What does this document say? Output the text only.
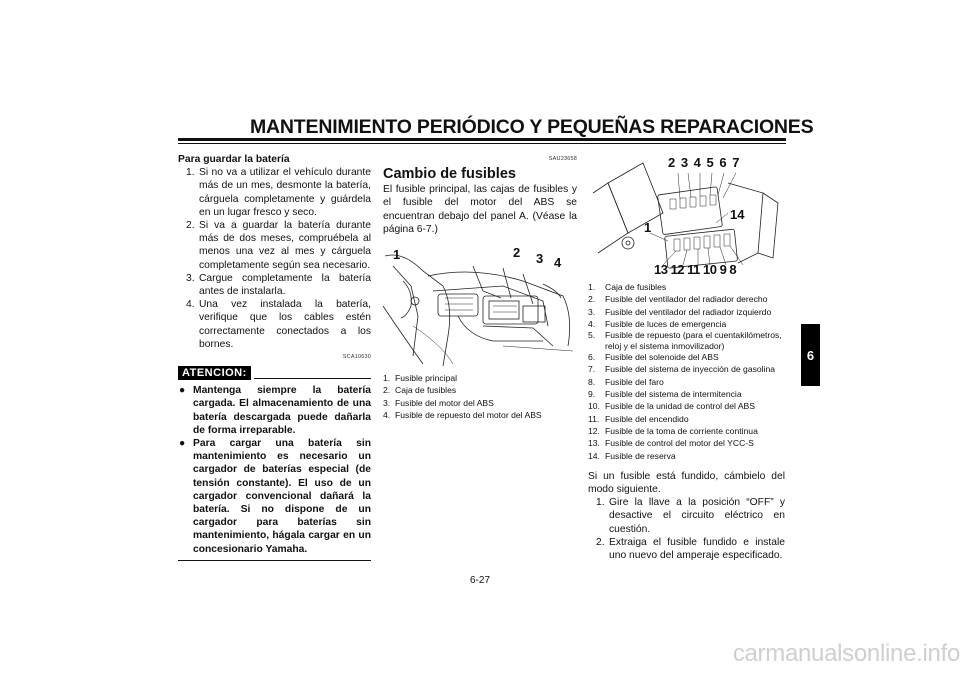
MANTENIMIENTO PERIÓDICO Y PEQUEÑAS REPARACIONES
Para guardar la batería
1. Si no va a utilizar el vehículo durante más de un mes, desmonte la batería, cárguela completamente y guárdela en un lugar fresco y seco.
2. Si va a guardar la batería durante más de dos meses, compruébela al menos una vez al mes y cárguela completamente según sea necesario.
3. Cargue completamente la batería antes de instalarla.
4. Una vez instalada la batería, verifique que los cables estén correctamente conectados a los bornes.
SCA10630
ATENCION:
● Mantenga siempre la batería cargada. El almacenamiento de una batería descargada puede dañarla de forma irreparable.
● Para cargar una batería sin mantenimiento es necesario un cargador de baterías especial (de tensión constante). El uso de un cargador convencional dañará la batería. Si no dispone de un cargador para baterías sin mantenimiento, hágala cargar en un concesionario Yamaha.
SAU23658
Cambio de fusibles

El fusible principal, las cajas de fusibles y el fusible del motor del ABS se encuentran debajo del panel A. (Véase la página 6-7.)

1	2 3 4
1. Fusible principal
2. Caja de fusibles
3. Fusible del motor del ABS
4. Fusible de repuesto del motor del ABS
2 3 4 5 6 7
14
1
13 12 11 10 9 8
1. Caja de fusibles
2. Fusible del ventilador del radiador derecho
3. Fusible del ventilador del radiador izquierdo
4. Fusible de luces de emergencia
5. Fusible de repuesto (para el cuentakilómetros, reloj y el sistema inmovilizador)
6. Fusible del solenoide del ABS
7. Fusible del sistema de inyección de gasolina
8. Fusible del faro
9. Fusible del sistema de intermitencia
10. Fusible de la unidad de control del ABS
11. Fusible del encendido
12. Fusible de la toma de corriente continua
13. Fusible de control del motor del YCC-S
14. Fusible de reserva

Si un fusible está fundido, cámbielo del modo siguiente.

1. Gire la llave a la posición “OFF” y desactive el circuito eléctrico en cuestión.
2. Extraiga el fusible fundido e instale uno nuevo del amperaje especificado.
6
6-27
carmanualsonline.info
